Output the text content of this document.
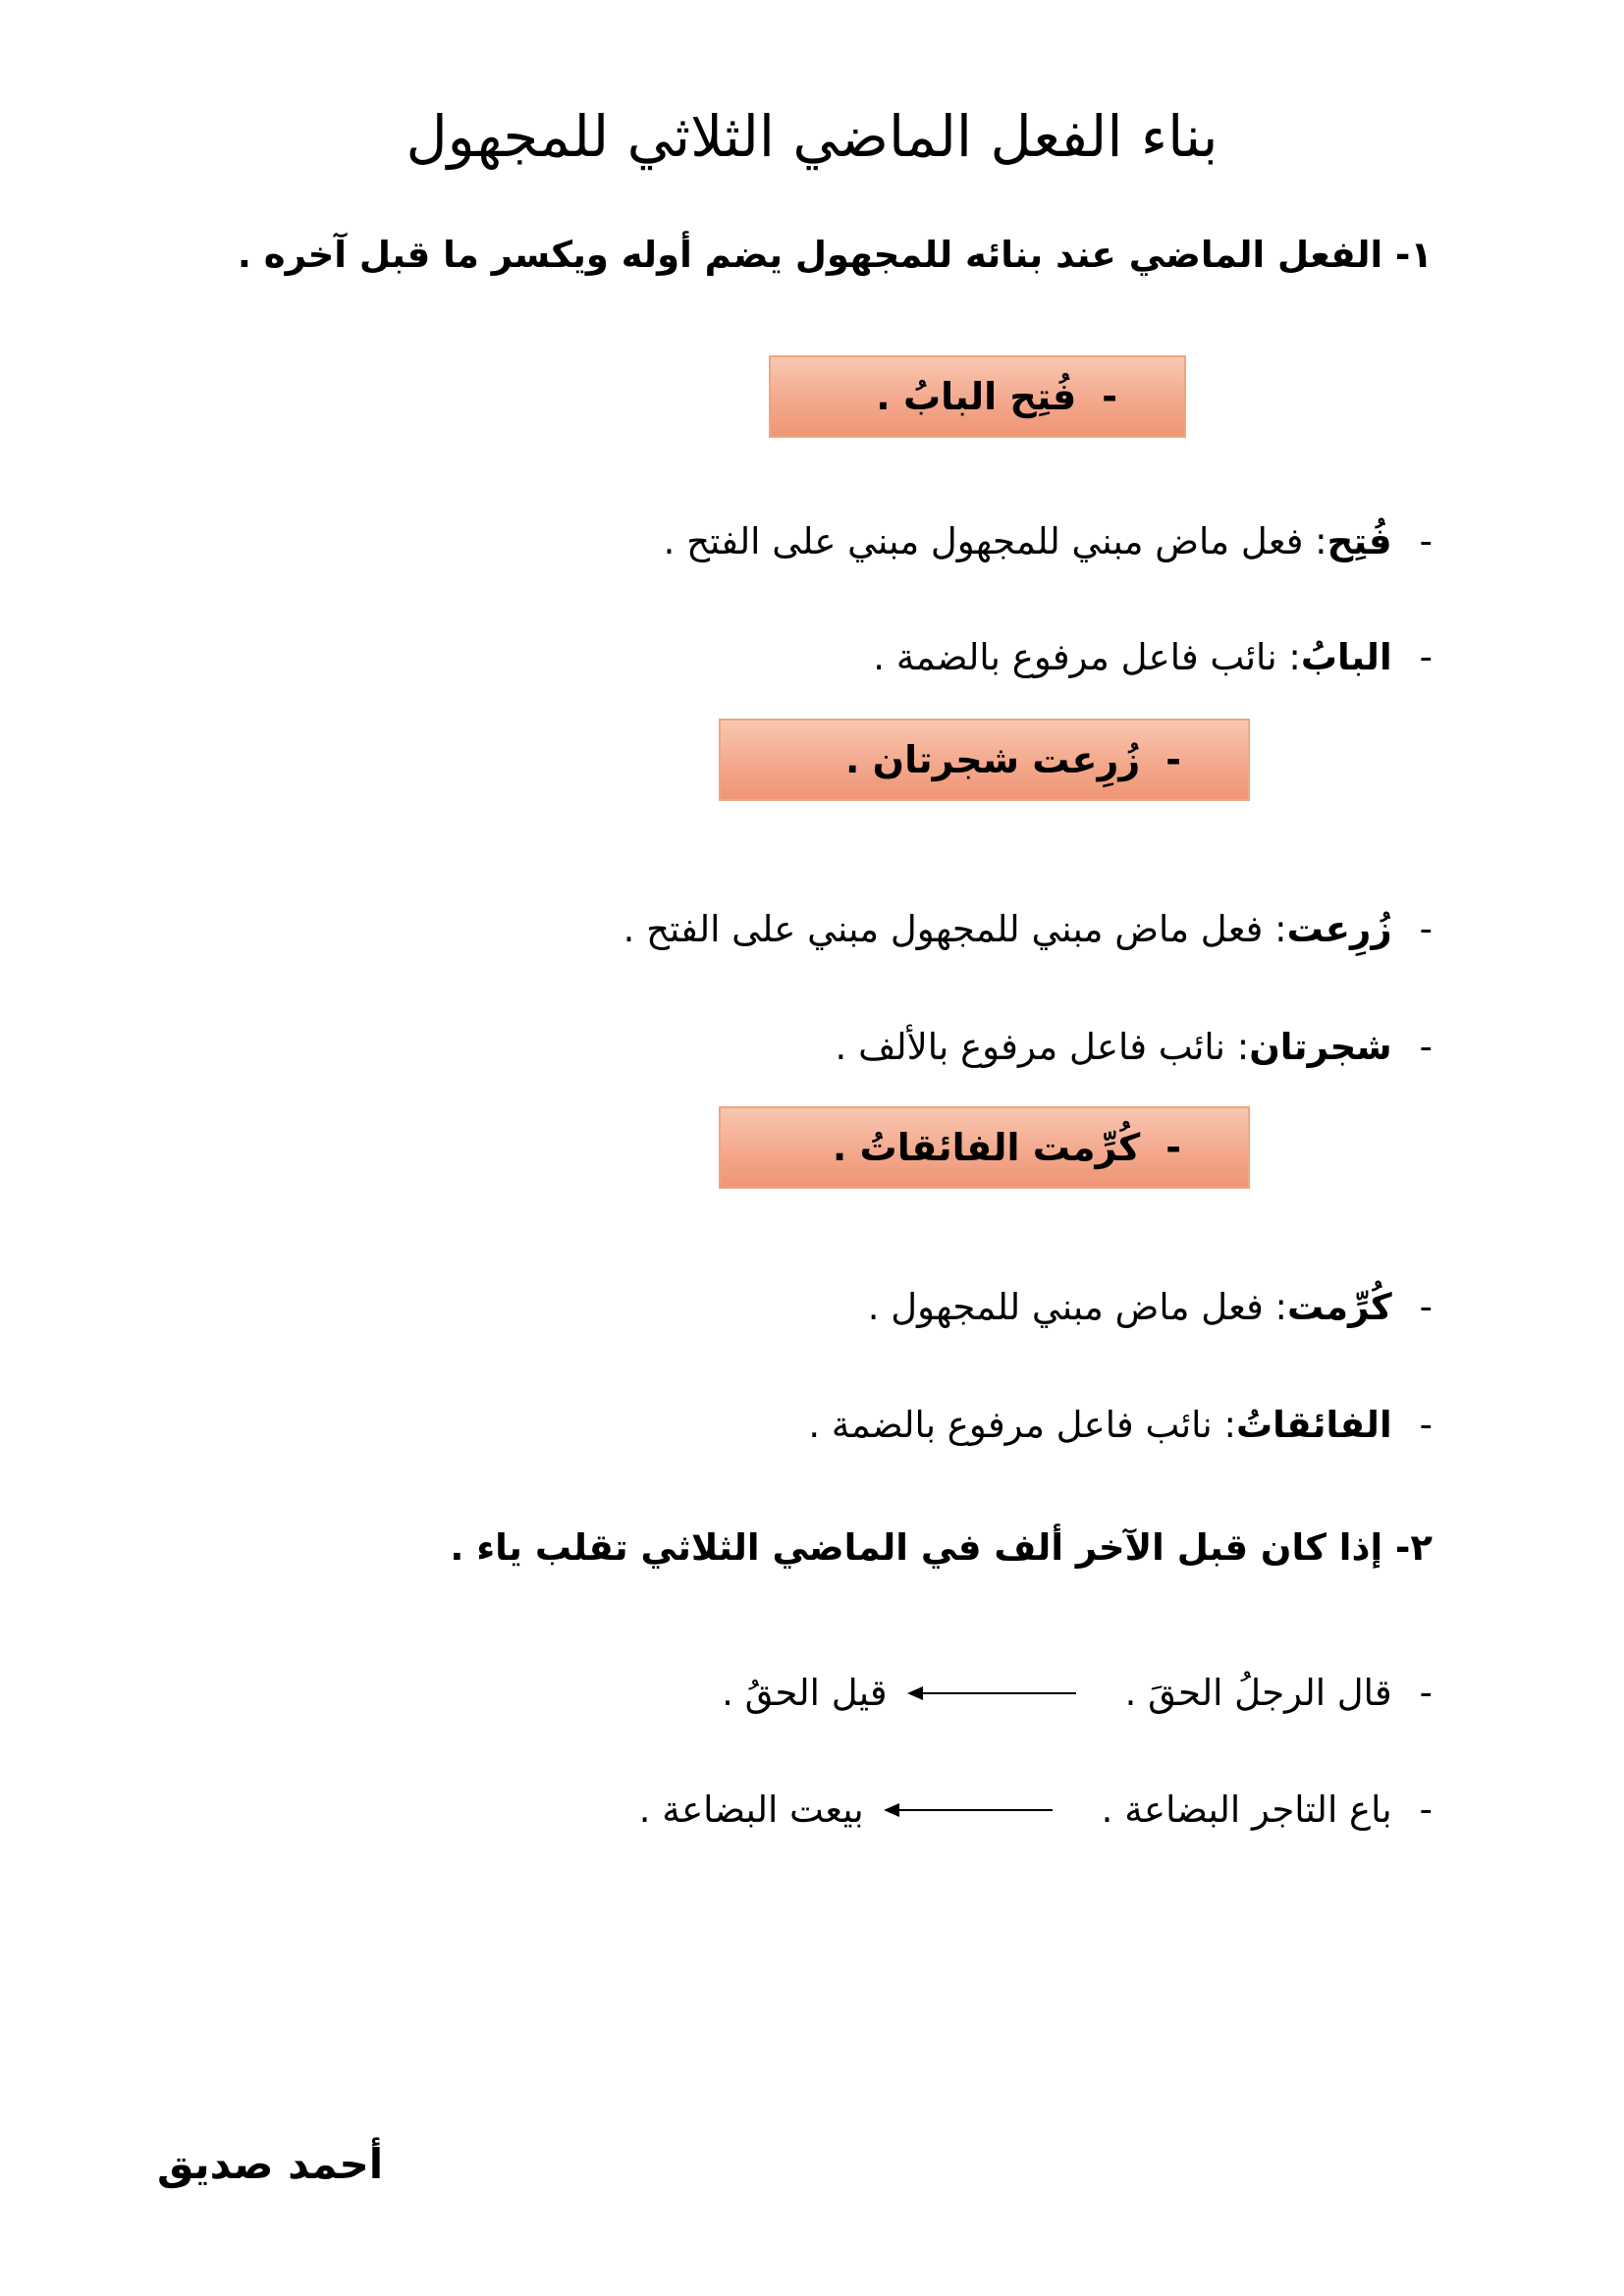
بناء الفعل الماضي الثلاثي للمجهول
١- الفعل الماضي عند بنائه للمجهول يضم أوله ويكسر ما قبل آخره .
-
فُتِح البابُ .
-
فُتِح
: فعل ماض مبني للمجهول مبني على الفتح .
-
البابُ
: نائب فاعل مرفوع بالضمة .
-
زُرِعت شجرتان .
-
زُرِعت
: فعل ماض مبني للمجهول مبني على الفتح .
-
شجرتان
: نائب فاعل مرفوع بالألف .
-
كُرِّمت الفائقاتُ .
-
كُرِّمت
: فعل ماض مبني للمجهول .
-
الفائقاتُ
: نائب فاعل مرفوع بالضمة .
٢- إذا كان قبل الآخر ألف في الماضي الثلاثي تقلب ياء .
-
قال الرجلُ الحقَ .
قيل الحقُ .
-
باع التاجر البضاعة .
بيعت البضاعة .
أحمد صديق
